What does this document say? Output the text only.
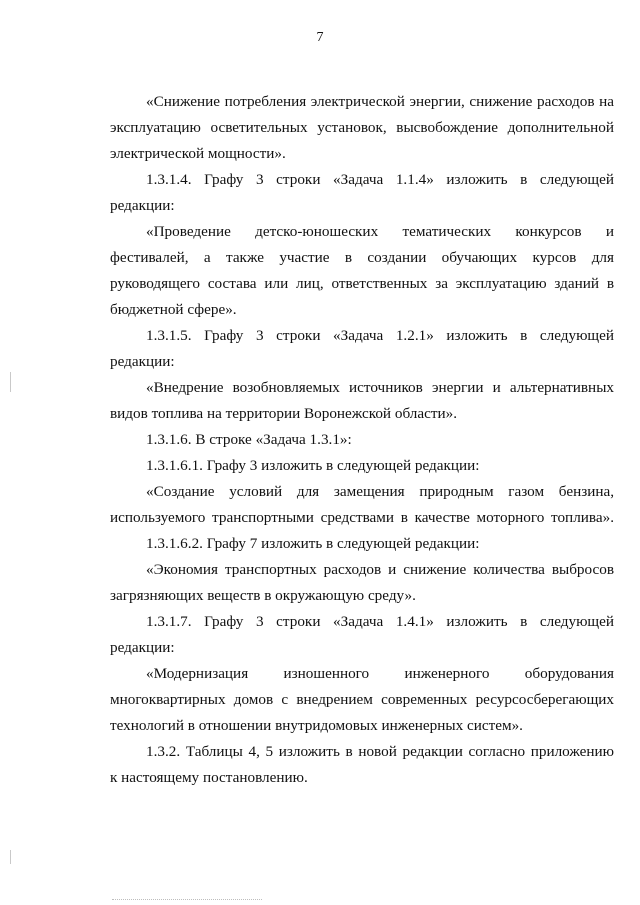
7
«Снижение потребления электрической энергии, снижение расходов на
эксплуатацию осветительных установок, высвобождение дополнительной
электрической мощности».
1.3.1.4. Графу 3 строки «Задача 1.1.4» изложить в следующей
редакции:
«Проведение детско-юношеских тематических конкурсов и
фестивалей, а также участие в создании обучающих курсов для
руководящего состава или лиц, ответственных за эксплуатацию зданий в
бюджетной сфере».
1.3.1.5. Графу 3 строки «Задача 1.2.1» изложить в следующей
редакции:
«Внедрение возобновляемых источников энергии и альтернативных
видов топлива на территории Воронежской области».
1.3.1.6. В строке «Задача 1.3.1»:
1.3.1.6.1. Графу 3 изложить в следующей редакции:
«Создание условий для замещения природным газом бензина,
используемого транспортными средствами в качестве моторного топлива».
1.3.1.6.2. Графу 7 изложить в следующей редакции:
«Экономия транспортных расходов и снижение количества выбросов
загрязняющих веществ в окружающую среду».
1.3.1.7. Графу 3 строки «Задача 1.4.1» изложить в следующей
редакции:
«Модернизация изношенного инженерного оборудования
многоквартирных домов с внедрением современных ресурсосберегающих
технологий в отношении внутридомовых инженерных систем».
1.3.2. Таблицы 4, 5 изложить в новой редакции согласно приложению
к настоящему постановлению.
